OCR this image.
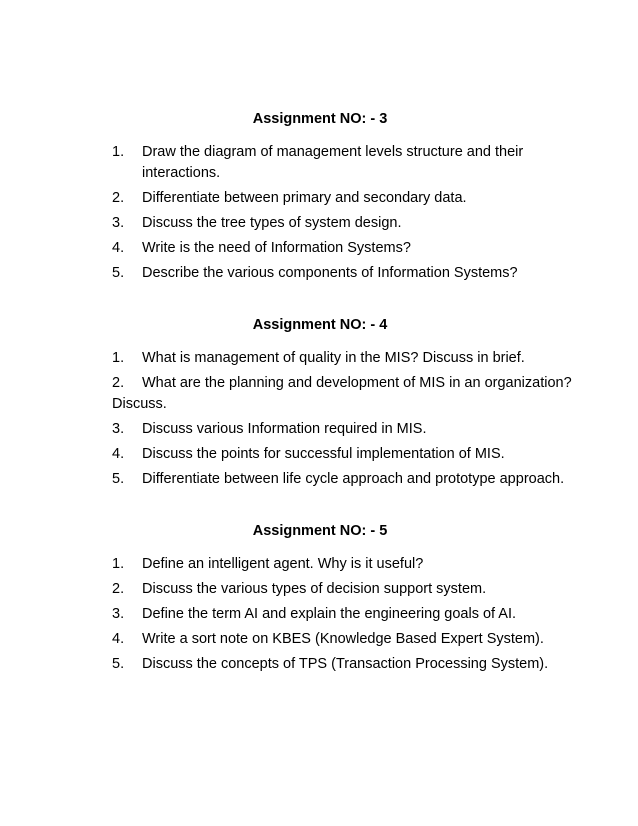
Assignment NO: - 3
1.	Draw the diagram of management levels structure and their interactions.
2.	Differentiate between primary and secondary data.
3.	Discuss the tree types of system design.
4.	Write is the need of Information Systems?
5.	Describe the various components of Information Systems?
Assignment NO: - 4
1. What is management of quality in the MIS? Discuss in brief.
2. What are the planning and development of MIS in an organization? Discuss.
3. Discuss various Information required in MIS.
4. Discuss the points for successful implementation of MIS.
5. Differentiate between life cycle approach and prototype approach.
Assignment NO: - 5
1.	Define an intelligent agent. Why is it useful?
2.	Discuss the various types of decision support system.
3.	Define the term AI and explain the engineering goals of AI.
4.	Write a sort note on KBES (Knowledge Based Expert System).
5.	Discuss the concepts of TPS (Transaction Processing System).
